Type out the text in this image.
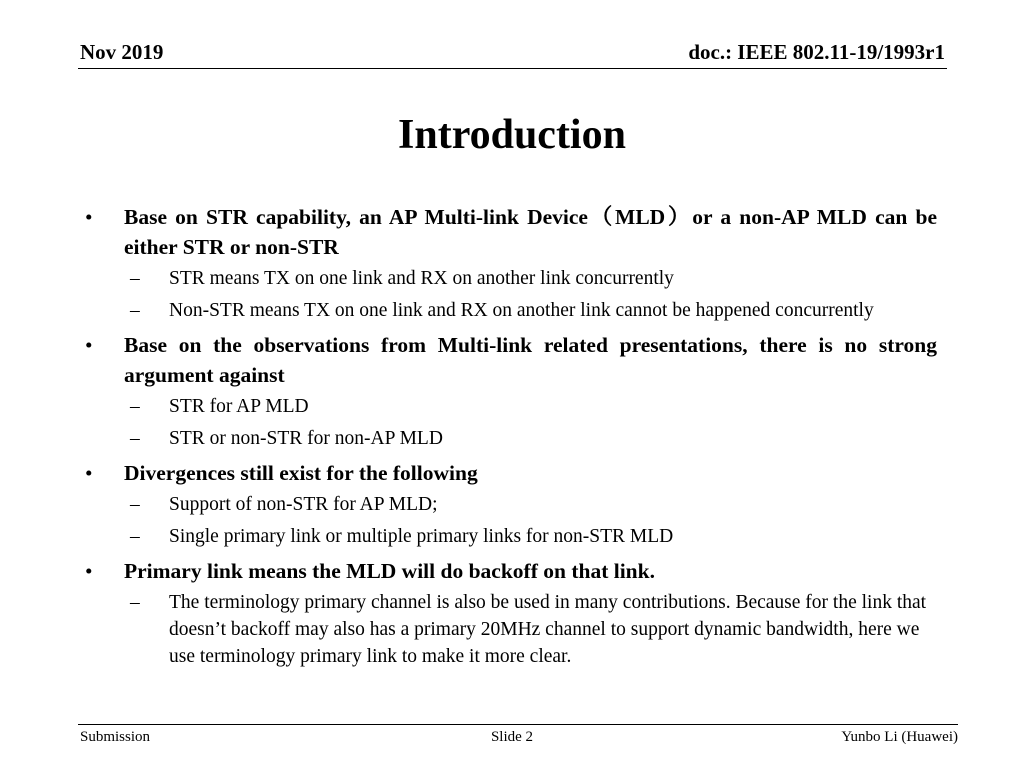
Nov 2019	doc.: IEEE 802.11-19/1993r1
Introduction
• Base on STR capability, an AP Multi-link Device（MLD）or a non-AP MLD can be either STR or non-STR
– STR means TX on one link and RX on another link concurrently
– Non-STR means TX on one link and RX on another link cannot be happened concurrently
• Base on the observations from Multi-link related presentations, there is no strong argument against
– STR for AP MLD
– STR or non-STR for non-AP MLD
• Divergences still exist for the following
– Support of non-STR for AP MLD;
– Single primary link or multiple primary links for non-STR MLD
• Primary link means the MLD will do backoff on that link.
– The terminology primary channel is also be used in many contributions. Because for the link that doesn’t backoff may also has a primary 20MHz channel to support dynamic bandwidth, here we use terminology primary link to make it more clear.
Submission	Slide 2	Yunbo Li (Huawei)
